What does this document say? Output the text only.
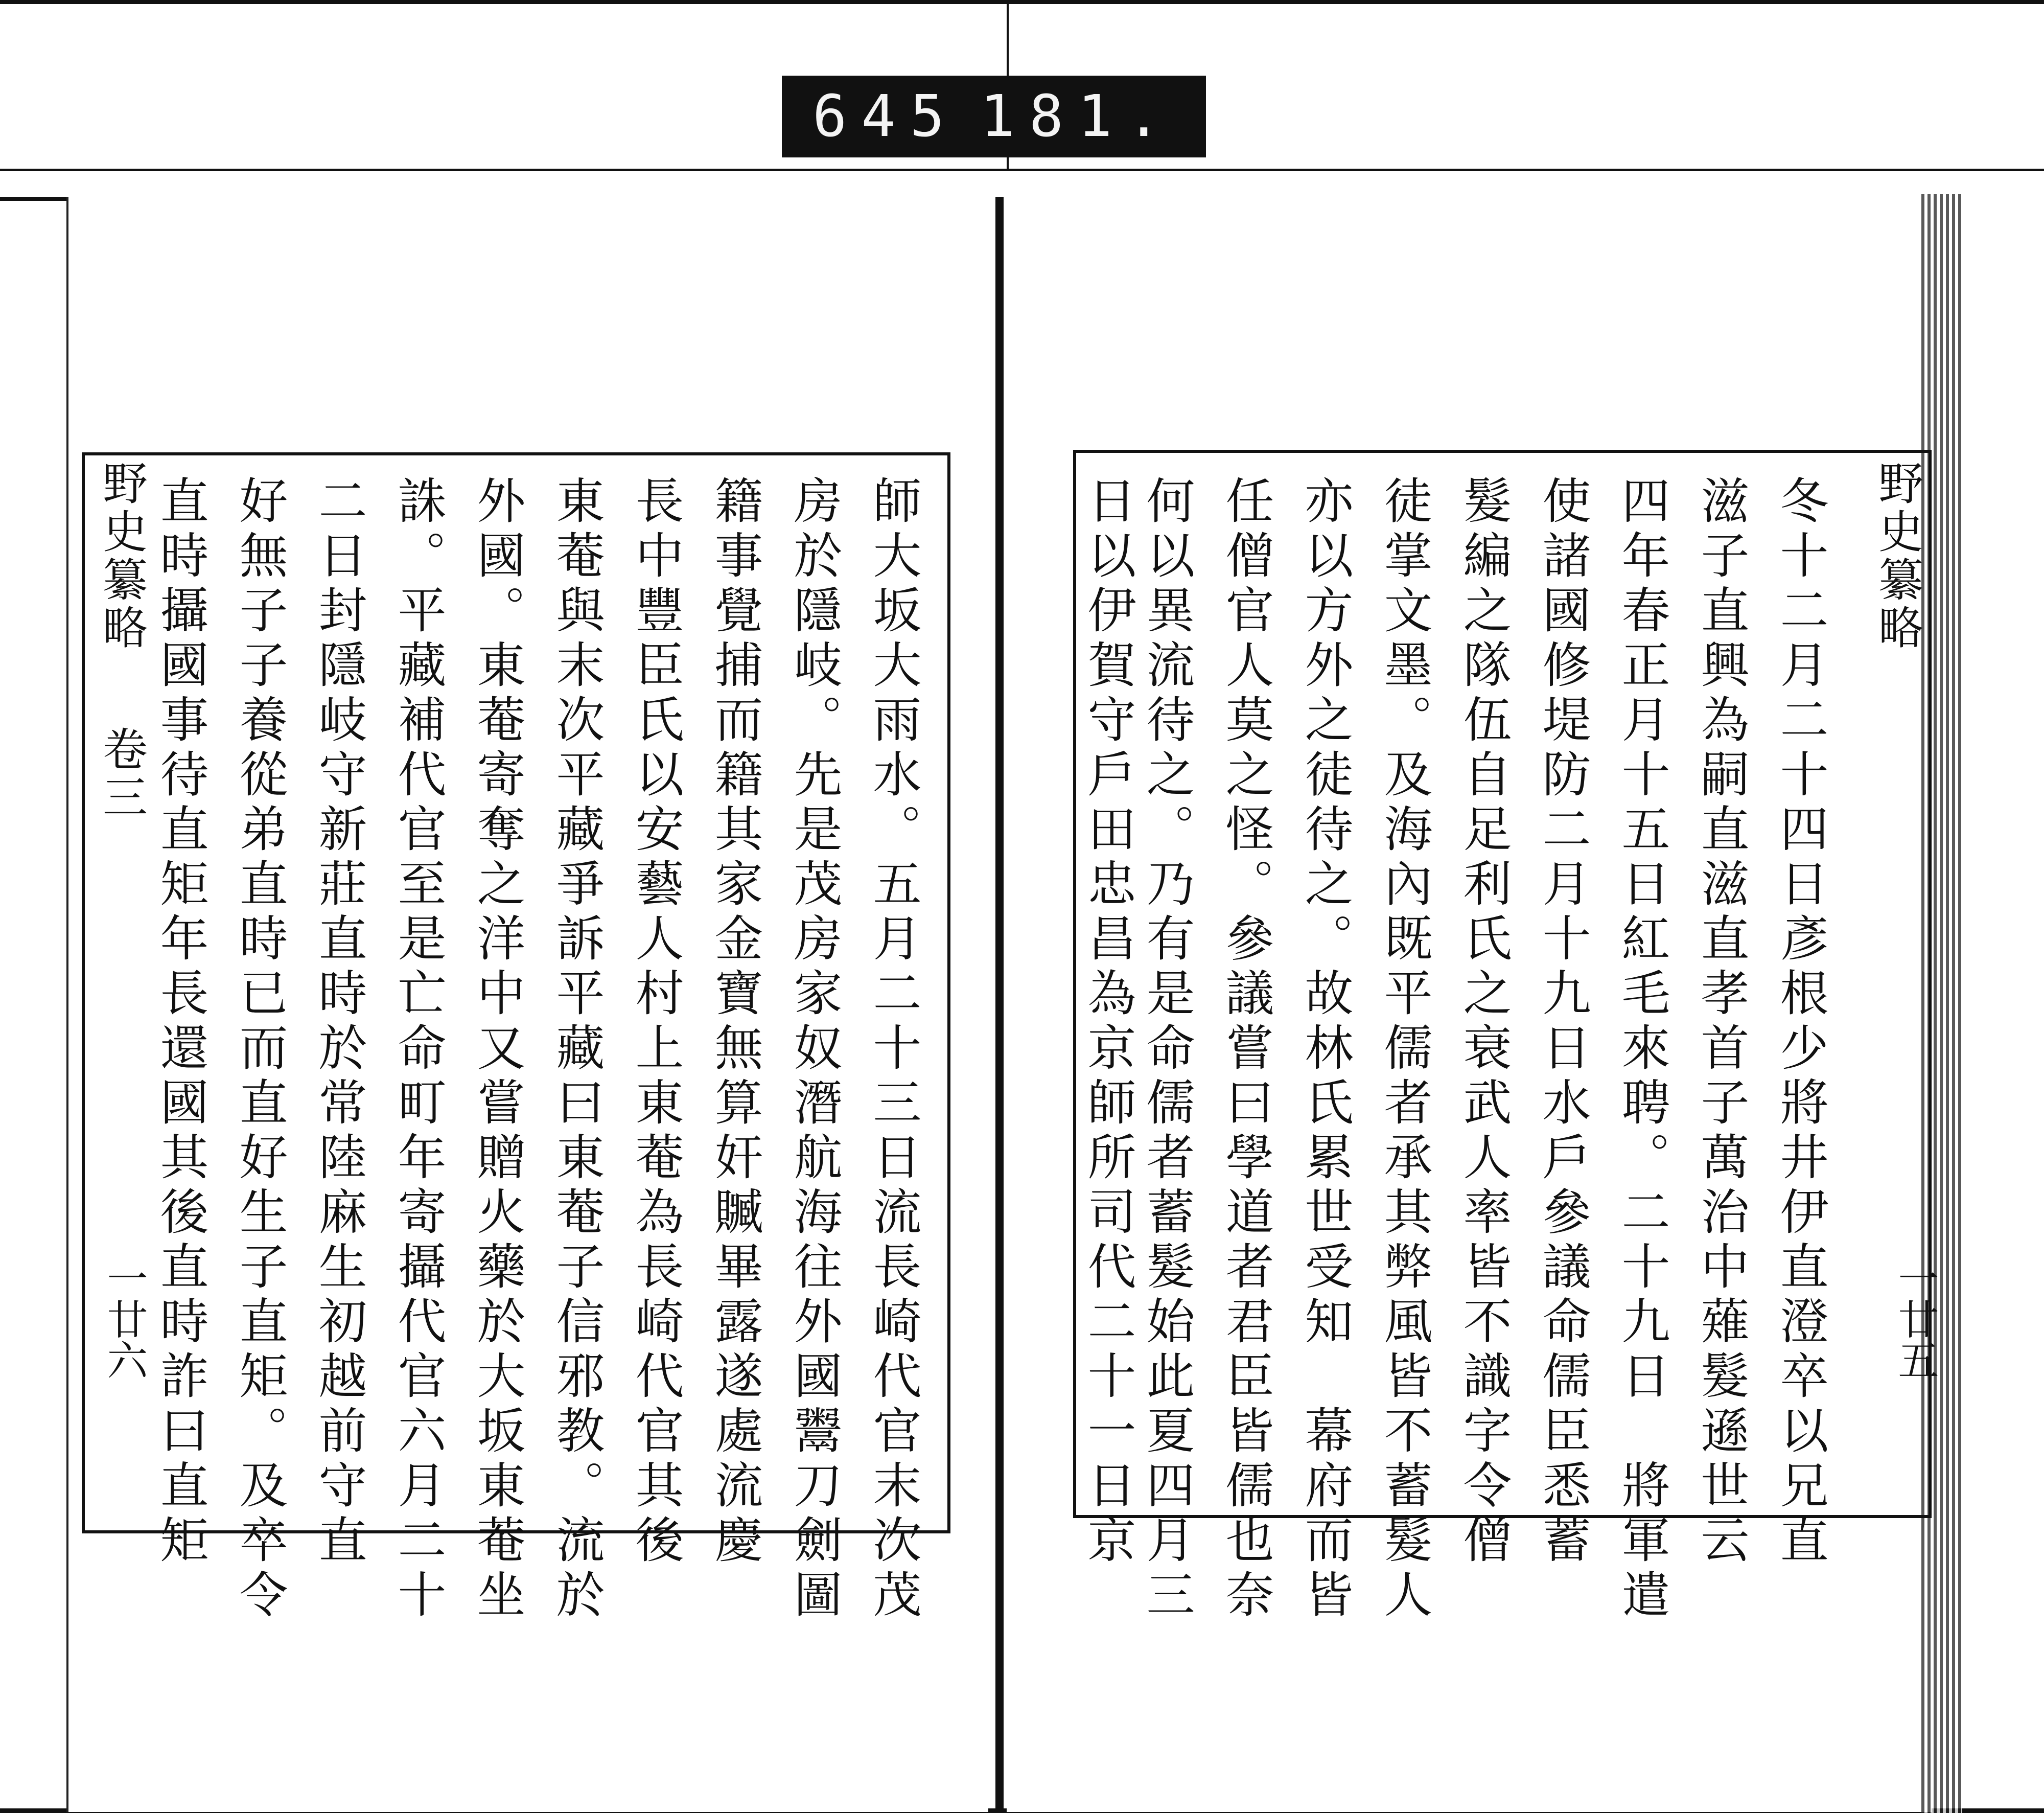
645 181.
野史纂略
卷三
一廿六	師大坂大雨水。五月二十三日流長崎代官末次茂
房於隱岐。先是茂房家奴潛航海往外國鬻刀劍圖
籍事覺捕而籍其家金寶無算奸贓畢露遂處流慶
長中豐臣氏以安藝人村上東菴為長崎代官其後
東菴與末次平藏爭訴平藏曰東菴子信邪教。流於
外國。東菴寄奪之洋中又嘗贈火藥於大坂東菴坐
誅。平藏補代官至是亡命町年寄攝代官六月二十
二日封隱岐守新莊直時於常陸麻生初越前守直
好無子子養從弟直時已而直好生子直矩。及卒令
直時攝國事待直矩年長還國其後直時詐曰直矩	野史纂略
一廿五
冬十二月二十四日彥根少將井伊直澄卒以兄直
滋子直興為嗣直滋直孝首子萬治中薙髮遜世云
四年春正月十五日紅毛來聘。二十九日　將軍遣
使諸國修堤防二月十九日水戶參議命儒臣悉蓄
髮編之隊伍自足利氏之衰武人率皆不識字令僧
徒掌文墨。及海內既平儒者承其弊風皆不蓄髮人
亦以方外之徒待之。故林氏累世受知　幕府而皆
任僧官人莫之怪。參議嘗曰學道者君臣皆儒也奈
何以異流待之。乃有是命儒者蓄髮始此夏四月三
日以伊賀守戶田忠昌為京師所司代二十一日京
